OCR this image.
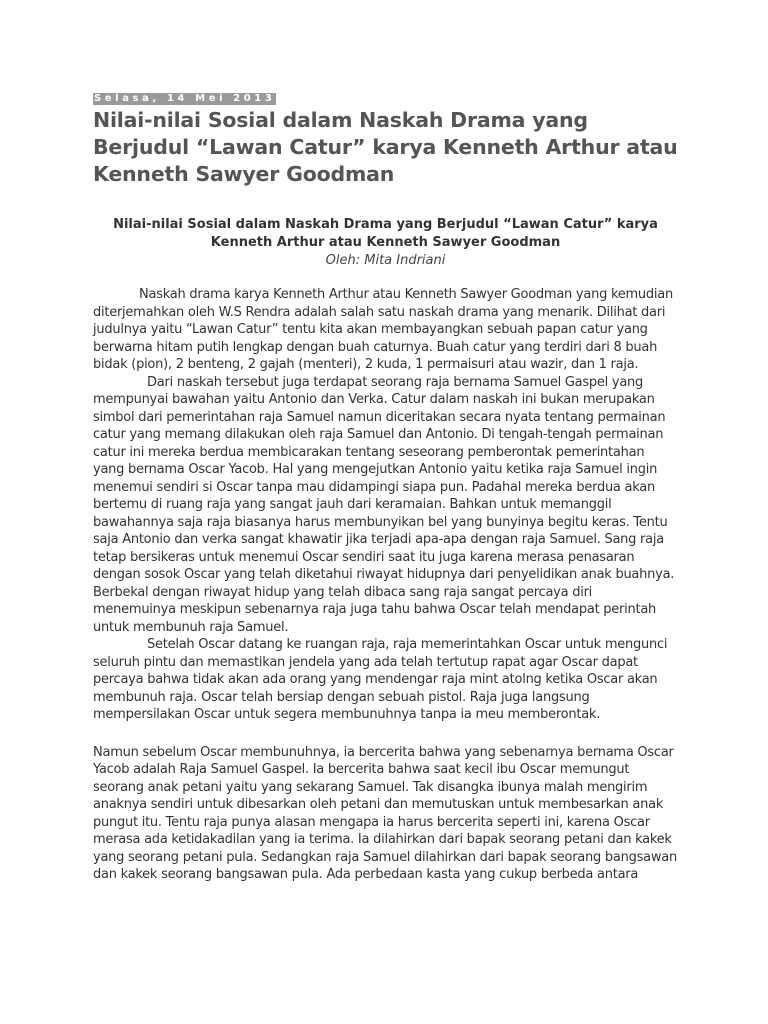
Selasa, 14 Mei 2013
Nilai-nilai Sosial dalam Naskah Drama yang Berjudul “Lawan Catur” karya Kenneth Arthur atau Kenneth Sawyer Goodman

Nilai-nilai Sosial dalam Naskah Drama yang Berjudul “Lawan Catur” karya

Kenneth Arthur atau Kenneth Sawyer Goodman

Oleh: Mita Indriani

Naskah drama karya Kenneth Arthur atau Kenneth Sawyer Goodman yang kemudian diterjemahkan oleh W.S Rendra adalah salah satu naskah drama yang menarik. Dilihat dari judulnya yaitu “Lawan Catur” tentu kita akan membayangkan sebuah papan catur yang berwarna hitam putih lengkap dengan buah caturnya. Buah catur yang terdiri dari 8 buah bidak (pion), 2 benteng, 2 gajah (menteri), 2 kuda, 1 permaisuri atau wazir, dan 1 raja.

Dari naskah tersebut juga terdapat seorang raja bernama Samuel Gaspel yang mempunyai bawahan yaitu Antonio dan Verka. Catur dalam naskah ini bukan merupakan simbol dari pemerintahan raja Samuel namun diceritakan secara nyata tentang permainan catur yang memang dilakukan oleh raja Samuel dan Antonio. Di tengah-tengah permainan catur ini mereka berdua membicarakan tentang seseorang pemberontak pemerintahan yang bernama Oscar Yacob. Hal yang mengejutkan Antonio yaitu ketika raja Samuel ingin menemui sendiri si Oscar tanpa mau didampingi siapa pun. Padahal mereka berdua akan bertemu di ruang raja yang sangat jauh dari keramaian. Bahkan untuk memanggil bawahannya saja raja biasanya harus membunyikan bel yang bunyinya begitu keras. Tentu saja Antonio dan verka sangat khawatir jika terjadi apa-apa dengan raja Samuel. Sang raja tetap bersikeras untuk menemui Oscar sendiri saat itu juga karena merasa penasaran dengan sosok Oscar yang telah diketahui riwayat hidupnya dari penyelidikan anak buahnya. Berbekal dengan riwayat hidup yang telah dibaca sang raja sangat percaya diri menemuinya meskipun sebenarnya raja juga tahu bahwa Oscar telah mendapat perintah untuk membunuh raja Samuel.

Setelah Oscar datang ke ruangan raja, raja memerintahkan Oscar untuk mengunci seluruh pintu dan memastikan jendela yang ada telah tertutup rapat agar Oscar dapat percaya bahwa tidak akan ada orang yang mendengar raja mint atolng ketika Oscar akan membunuh raja. Oscar telah bersiap dengan sebuah pistol. Raja juga langsung mempersilakan Oscar untuk segera membunuhnya tanpa ia meu memberontak.

Namun sebelum Oscar membunuhnya, ia bercerita bahwa yang sebenarnya bernama Oscar Yacob adalah Raja Samuel Gaspel. Ia bercerita bahwa saat kecil ibu Oscar memungut seorang anak petani yaitu yang sekarang Samuel. Tak disangka ibunya malah mengirim anaknya sendiri untuk dibesarkan oleh petani dan memutuskan untuk membesarkan anak pungut itu. Tentu raja punya alasan mengapa ia harus bercerita seperti ini, karena Oscar merasa ada ketidakadilan yang ia terima. Ia dilahirkan dari bapak seorang petani dan kakek yang seorang petani pula. Sedangkan raja Samuel dilahirkan dari bapak seorang bangsawan dan kakek seorang bangsawan pula. Ada perbedaan kasta yang cukup berbeda antara
